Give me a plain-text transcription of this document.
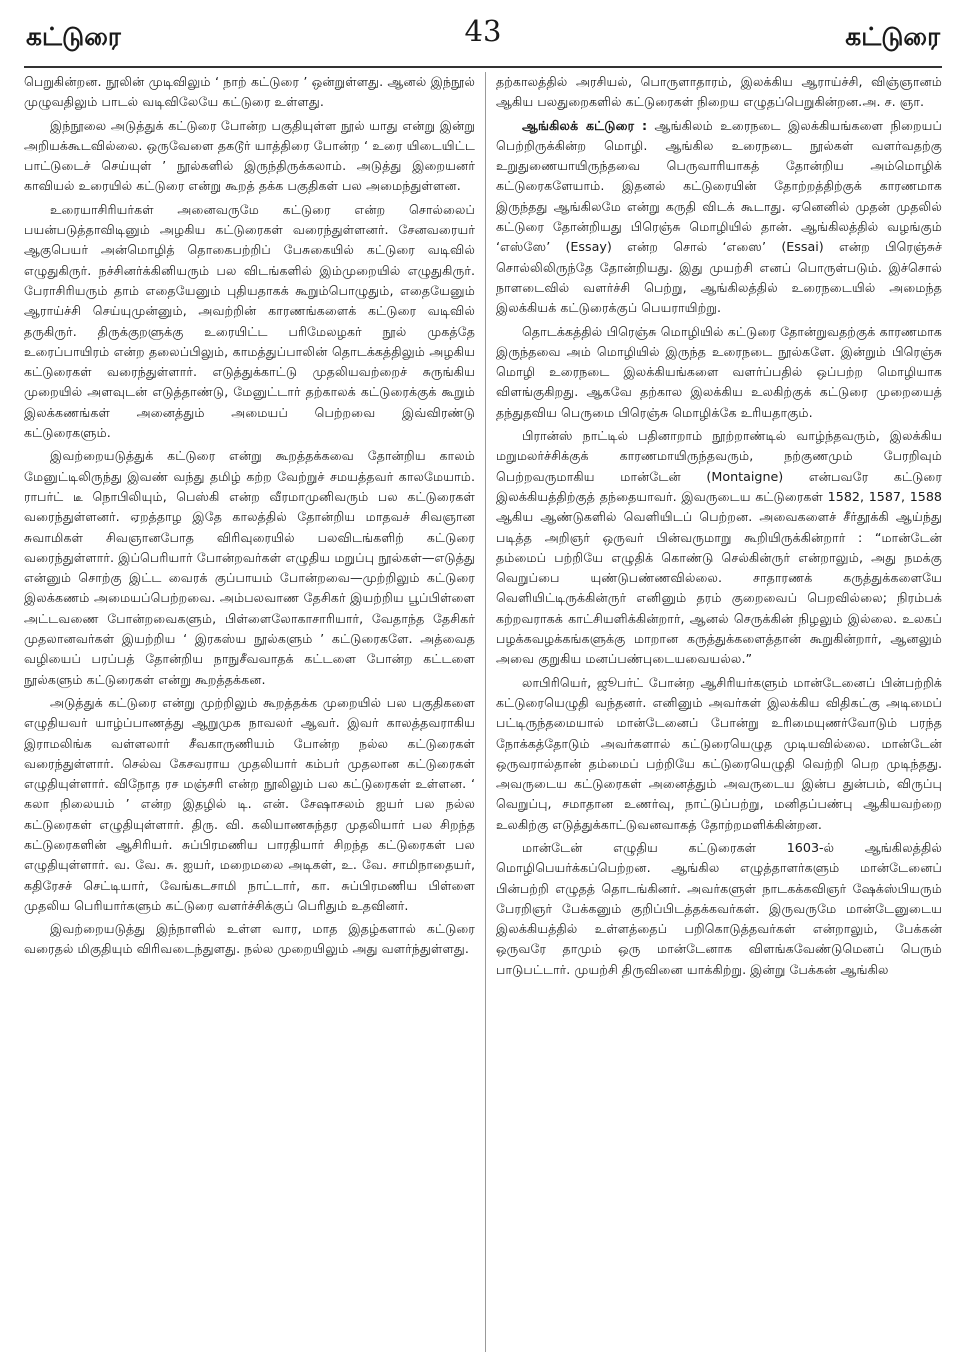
கட்டுரை	43	கட்டுரை

பெறுகின்றன. நூலின் முடிவிலும் ‘ நாற் கட்டுரை ’ ஒன்றுள்ளது. ஆனல் இந்நூல் முழுவதிலும் பாடல் வடிவிலேயே கட்டுரை உள்ளது.

இந்நூலை அடுத்துக் கட்டுரை போன்ற பகுதியுள்ள நூல் யாது என்று இன்று அறியக்கூடவில்லை. ஒருவேளை தகடூர் யாத்திரை போன்ற ‘ உரை யிடையிட்ட பாட்டுடைச் செய்யுள் ’ நூல்களில் இருந்திருக்கலாம். அடுத்து இறையனர் காவியல் உரையில் கட்டுரை என்று கூறத் தக்க பகுதிகள் பல அமைந்துள்ளன.

உரையாசிரியர்கள் அனைவருமே கட்டுரை என்ற சொல்லைப் பயன்படுத்தாவிடினும் அழகிய கட்டுரைகள் வரைந்துள்ளனர். சேனவரையர் ஆகுபெயர் அன்மொழித் தொகைபற்றிப் பேசுகையில் கட்டுரை வடிவில் எழுதுகிருர். நச்சினர்க்கினியரும் பல விடங்களில் இம்முறையில் எழுதுகிருர். பேராசிரியரும் தாம் எதையேனும் புதியதாகக் கூறும்பொழுதும், எதையேனும் ஆராய்ச்சி செய்யுமுன்னும், அவற்றின் காரணங்களைக் கட்டுரை வடிவில் தருகிருர். திருக்குறளுக்கு உரையிட்ட பரிமேலழகர் நூல் முகத்தே உரைப்பாயிரம் என்ற தலைப்பிலும், காமத்துப்பாலின் தொடக்கத்திலும் அழகிய கட்டுரைகள் வரைந்துள்ளார். எடுத்துக்காட்டு முதலியவற்றைச் சுருங்கிய முறையில் அளவுடன் எடுத்தாண்டு, மேனுட்டார் தற்காலக் கட்டுரைக்குக் கூறும் இலக்கணங்கள் அனைத்தும் அமையப் பெற்றவை இவ்விரண்டு கட்டுரைகளும்.

இவற்றையடுத்துக் கட்டுரை என்று கூறத்தக்கவை தோன்றிய காலம் மேனுட்டிலிருந்து இவண் வந்து தமிழ் கற்ற வேற்றுச் சமயத்தவர் காலமேயாம். ராபர்ட் டீ நொபிலியும், பெஸ்கி என்ற வீரமாமுனிவரும் பல கட்டுரைகள் வரைந்துள்ளனர். ஏறத்தாழ இதே காலத்தில் தோன்றிய மாதவச் சிவஞான சுவாமிகள் சிவஞானபோத விரிவுரையில் பலவிடங்களிற் கட்டுரை வரைந்துள்ளார். இப்பெரியார் போன்றவர்கள் எழுதிய மறுப்பு நூல்கள்—எடுத்து என்னும் சொற்கு இட்ட வைரக் குப்பாயம் போன்றவை—முற்றிலும் கட்டுரை இலக்கணம் அமையப்பெற்றவை. அம்பலவாண தேசிகர் இயற்றிய பூப்பிள்ளை அட்டவணை போன்றவைகளும், பிள்ளைலோகாசாரியார், வேதாந்த தேசிகர் முதலானவர்கள் இயற்றிய ‘ இரகஸ்ய நூல்களும் ’ கட்டுரைகளே. அத்வைத வழியைப் பரப்பத் தோன்றிய நாநுசீவவாதக் கட்டளை போன்ற கட்டளை நூல்களும் கட்டுரைகள் என்று கூறத்தக்கன.

அடுத்துக் கட்டுரை என்று முற்றிலும் கூறத்தக்க முறையில் பல பகுதிகளை எழுதியவர் யாழ்ப்பாணத்து ஆறுமுக நாவலர் ஆவர். இவர் காலத்தவராகிய இராமலிங்க வள்ளலார் சீவகாருணியம் போன்ற நல்ல கட்டுரைகள் வரைந்துள்ளார். செல்வ கேசவராய முதலியார் கம்பர் முதலான கட்டுரைகள் எழுதியுள்ளார். விநோத ரச மஞ்சரி என்ற நூலிலும் பல கட்டுரைகள் உள்ளன. ‘ கலா நிலையம் ’ என்ற இதழில் டி. என். சேஷாசலம் ஐயர் பல நல்ல கட்டுரைகள் எழுதியுள்ளார். திரு. வி. கலியாணசுந்தர முதலியார் பல சிறந்த கட்டுரைகளின் ஆசிரியர். சுப்பிரமணிய பாரதியார் சிறந்த கட்டுரைகள் பல எழுதியுள்ளார். வ. வே. சு. ஐயர், மறைமலை அடிகள், உ. வே. சாமிநாதையர், கதிரேசச் செட்டியார், வேங்கடசாமி நாட்டார், கா. சுப்பிரமணிய பிள்ளை முதலிய பெரியார்களும் கட்டுரை வளர்ச்சிக்குப் பெரிதும் உதவினர்.

இவற்றையடுத்து இந்நாளில் உள்ள வார, மாத இதழ்களால் கட்டுரை வரைதல் மிகுதியும் விரிவடைந்துளது. நல்ல முறையிலும் அது வளர்ந்துள்ளது.

தற்காலத்தில் அரசியல், பொருளாதாரம், இலக்கிய ஆராய்ச்சி, விஞ்ஞானம் ஆகிய பலதுறைகளில் கட்டுரைகள் நிறைய எழுதப்பெறுகின்றன. அ. ச. ஞா.

ஆங்கிலக் கட்டுரை : ஆங்கிலம் உரைநடை இலக்கியங்களை நிறையப் பெற்றிருக்கின்ற மொழி. ஆங்கில உரைநடை நூல்கள் வளர்வதற்கு உறுதுணையாயிருந்தவை பெருவாரியாகத் தோன்றிய அம்மொழிக் கட்டுரைகளேயாம். இதனல் கட்டுரையின் தோற்றத்திற்குக் காரணமாக இருந்தது ஆங்கிலமே என்று கருதி விடக் கூடாது. ஏனெனில் முதன் முதலில் கட்டுரை தோன்றியது பிரெஞ்சு மொழியில் தான். ஆங்கிலத்தில் வழங்கும் ‘எஸ்ஸே’ (Essay) என்ற சொல் ‘எஸை’ (Essai) என்ற பிரெஞ்சுச் சொல்லிலிருந்தே தோன்றியது. இது முயற்சி எனப் பொருள்படும். இச்சொல் நாளடைவில் வளர்ச்சி பெற்று, ஆங்கிலத்தில் உரைநடையில் அமைந்த இலக்கியக் கட்டுரைக்குப் பெயராயிற்று.

தொடக்கத்தில் பிரெஞ்சு மொழியில் கட்டுரை தோன்றுவதற்குக் காரணமாக இருந்தவை அம் மொழியில் இருந்த உரைநடை நூல்களே. இன்றும் பிரெஞ்சு மொழி உரைநடை இலக்கியங்களை வளர்ப்பதில் ஒப்பற்ற மொழியாக விளங்குகிறது. ஆகவே தற்கால இலக்கிய உலகிற்குக் கட்டுரை முறையைத் தந்துதவிய பெருமை பிரெஞ்சு மொழிக்கே உரியதாகும்.

பிரான்ஸ் நாட்டில் பதினாறாம் நூற்றாண்டில் வாழ்ந்தவரும், இலக்கிய மறுமலர்ச்சிக்குக் காரணமாயிருந்தவரும், நற்குணமும் பேரறிவும் பெற்றவருமாகிய மான்டேன் (Montaigne) என்பவரே கட்டுரை இலக்கியத்திற்குத் தந்தையாவர். இவருடைய கட்டுரைகள் 1582, 1587, 1588 ஆகிய ஆண்டுகளில் வெளியிடப் பெற்றன. அவைகளைச் சீர்தூக்கி ஆய்ந்து படித்த அறிஞர் ஒருவர் பின்வருமாறு கூறியிருக்கின்றார் : “மான்டேன் தம்மைப் பற்றியே எழுதிக் கொண்டு செல்கின்ருர் என்றாலும், அது நமக்கு வெறுப்பை யுண்டுபண்ணவில்லை. சாதாரணக் கருத்துக்களையே வெளியிட்டிருக்கின்ருர் எனினும் தரம் குறைவைப் பெறவில்லை; நிரம்பக் கற்றவராகக் காட்சியளிக்கின்றார், ஆனல் செருக்கின் நிழலும் இல்லை. உலகப் பழக்கவழக்கங்களுக்கு மாறான கருத்துக்களைத்தான் கூறுகின்றார், ஆனலும் அவை குறுகிய மனப்பண்புடையவையல்ல.”

லாபிரியெர், ஜூபர்ட் போன்ற ஆசிரியர்களும் மான்டேனைப் பின்பற்றிக் கட்டுரையெழுதி வந்தனர். எனினும் அவர்கள் இலக்கிய விதிகட்கு அடிமைப் பட்டிருந்தமையால் மான்டேனைப் போன்று உரிமையுணர்வோடும் பரந்த நோக்கத்தோடும் அவர்களால் கட்டுரையெழுத முடியவில்லை. மான்டேன் ஒருவரால்தான் தம்மைப் பற்றியே கட்டுரையெழுதி வெற்றி பெற முடிந்தது. அவருடைய கட்டுரைகள் அனைத்தும் அவருடைய இன்ப துன்பம், விருப்பு வெறுப்பு, சமாதான உணர்வு, நாட்டுப்பற்று, மனிதப்பண்பு ஆகியவற்றை உலகிற்கு எடுத்துக்காட்டுவனவாகத் தோற்றமளிக்கின்றன.

மான்டேன் எழுதிய கட்டுரைகள் 1603-ல் ஆங்கிலத்தில் மொழிபெயர்க்கப்பெற்றன. ஆங்கில எழுத்தாளர்களும் மான்டேனைப் பின்பற்றி எழுதத் தொடங்கினர். அவர்களுள் நாடகக்கவிஞர் ஷேக்ஸ்பியரும் பேரறிஞர் பேக்கனும் குறிப்பிடத்தக்கவர்கள். இருவருமே மான்டேனுடைய இலக்கியத்தில் உள்ளத்தைப் பறிகொடுத்தவர்கள் என்றாலும், பேக்கன் ஒருவரே தாமும் ஒரு மான்டேனாக விளங்கவேண்டுமெனப் பெரும் பாடுபட்டார். முயற்சி திருவினை யாக்கிற்று. இன்று பேக்கன் ஆங்கில
